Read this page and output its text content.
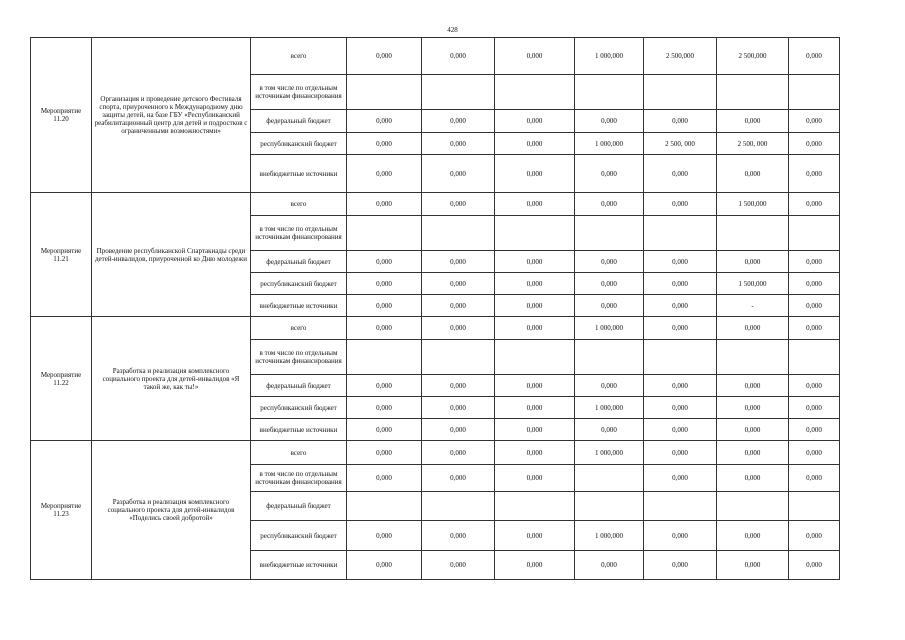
428
Мероприятие 11.20	Организация и проведение детского Фестиваля спорта, приуроченного к Международному дню защиты детей, на базе ГБУ «Республиканский реабилитационный центр для детей и подростков с ограниченными возможностями»	всего	0,000	0,000	0,000	1 000,000	2 500,000	2 500,000	0,000
		в том числе по отдельным источникам финансирования							
		федеральный бюджет	0,000	0,000	0,000	0,000	0,000	0,000	0,000
		республиканский бюджет	0,000	0,000	0,000	1 000,000	2 500, 000	2 500, 000	0,000
		внебюджетные источники	0,000	0,000	0,000	0,000	0,000	0,000	0,000
Мероприятие 11.21	Проведение республиканской Спартакиады среди детей-инвалидов, приуроченной ко Дню молодежи	всего	0,000	0,000	0,000	0,000	0,000	1 500,000	0,000
		в том числе по отдельным источникам финансирования							
		федеральный бюджет	0,000	0,000	0,000	0,000	0,000	0,000	0,000
		республиканский бюджет	0,000	0,000	0,000	0,000	0,000	1 500,000	0,000
		внебюджетные источники	0,000	0,000	0,000	0,000	0,000	-	0,000
Мероприятие 11.22	Разработка и реализация комплексного социального проекта для детей-инвалидов «Я такой же, как ты!»	всего	0,000	0,000	0,000	1 000,000	0,000	0,000	0,000
		в том числе по отдельным источникам финансирования							
		федеральный бюджет	0,000	0,000	0,000	0,000	0,000	0,000	0,000
		республиканский бюджет	0,000	0,000	0,000	1 000,000	0,000	0,000	0,000
		внебюджетные источники	0,000	0,000	0,000	0,000	0,000	0,000	0,000
Мероприятие 11.23	Разработка и реализация комплексного социального проекта для детей-инвалидов «Поделись своей добротой»	всего	0,000	0,000	0,000	1 000,000	0,000	0,000	0,000
		в том числе по отдельным источникам финансирования	0,000	0,000	0,000		0,000	0,000	0,000
		федеральный бюджет							
		республиканский бюджет	0,000	0,000	0,000	1 000,000	0,000	0,000	0,000
		внебюджетные источники	0,000	0,000	0,000	0,000	0,000	0,000	0,000
